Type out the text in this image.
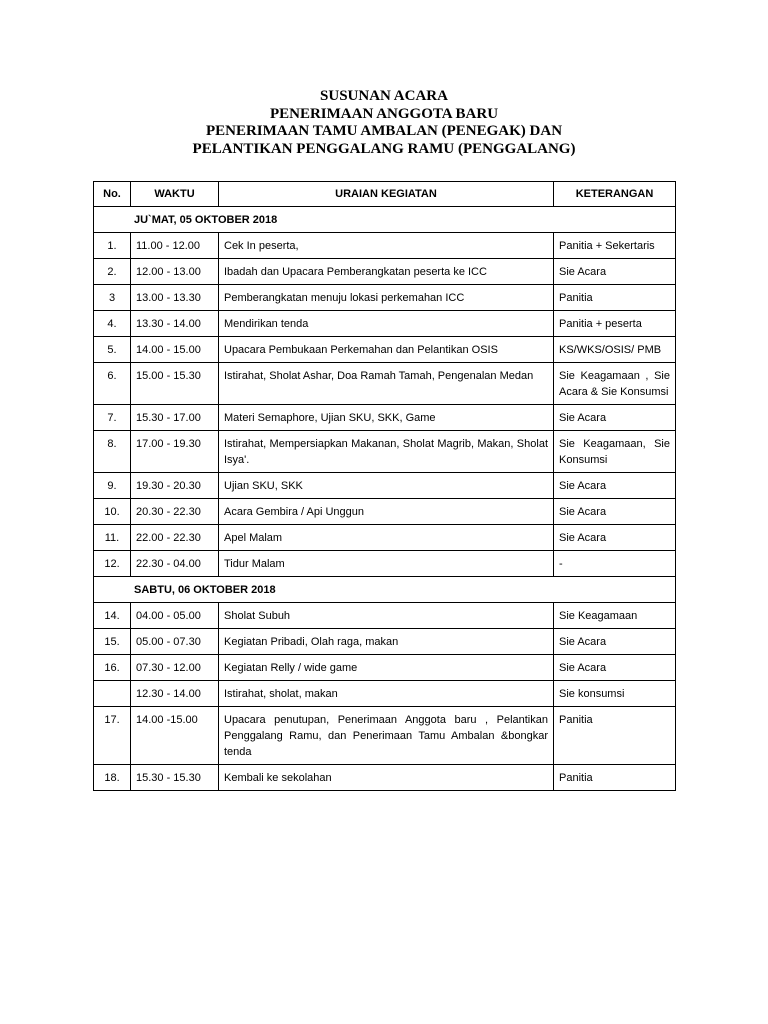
SUSUNAN ACARA
PENERIMAAN ANGGOTA BARU
PENERIMAAN TAMU AMBALAN (PENEGAK) DAN
PELANTIKAN PENGGALANG RAMU (PENGGALANG)
No.	WAKTU	URAIAN KEGIATAN	KETERANGAN
JU`MAT, 05 OKTOBER 2018			
1.	11.00 - 12.00	Cek In peserta,	Panitia + Sekertaris
2.	12.00 - 13.00	Ibadah dan Upacara Pemberangkatan peserta ke ICC	Sie Acara
3	13.00 - 13.30	Pemberangkatan menuju lokasi perkemahan ICC	Panitia
4.	13.30 - 14.00	Mendirikan tenda	Panitia + peserta
5.	14.00 - 15.00	Upacara Pembukaan Perkemahan dan Pelantikan OSIS	KS/WKS/OSIS/ PMB
6.	15.00 - 15.30	Istirahat, Sholat Ashar, Doa Ramah Tamah, Pengenalan Medan	Sie Keagamaan , Sie Acara & Sie Konsumsi
7.	15.30 - 17.00	Materi Semaphore, Ujian SKU, SKK, Game	Sie Acara
8.	17.00 - 19.30	Istirahat, Mempersiapkan Makanan, Sholat Magrib, Makan, Sholat Isya'.	Sie Keagamaan, Sie Konsumsi
9.	19.30 - 20.30	Ujian SKU, SKK	Sie Acara
10.	20.30 - 22.30	Acara Gembira / Api Unggun	Sie Acara
11.	22.00 - 22.30	Apel Malam	Sie Acara
12.	22.30 - 04.00	Tidur Malam	-
SABTU, 06 OKTOBER 2018			
14.	04.00 - 05.00	Sholat Subuh	Sie Keagamaan
15.	05.00 - 07.30	Kegiatan Pribadi, Olah raga, makan	Sie Acara
16.	07.30 - 12.00	Kegiatan Relly / wide game	Sie Acara
	12.30 - 14.00	Istirahat, sholat, makan	Sie konsumsi
17.	14.00 -15.00	Upacara penutupan, Penerimaan Anggota baru , Pelantikan Penggalang Ramu, dan Penerimaan Tamu Ambalan &bongkar tenda	Panitia
18.	15.30 - 15.30	Kembali ke sekolahan	Panitia
